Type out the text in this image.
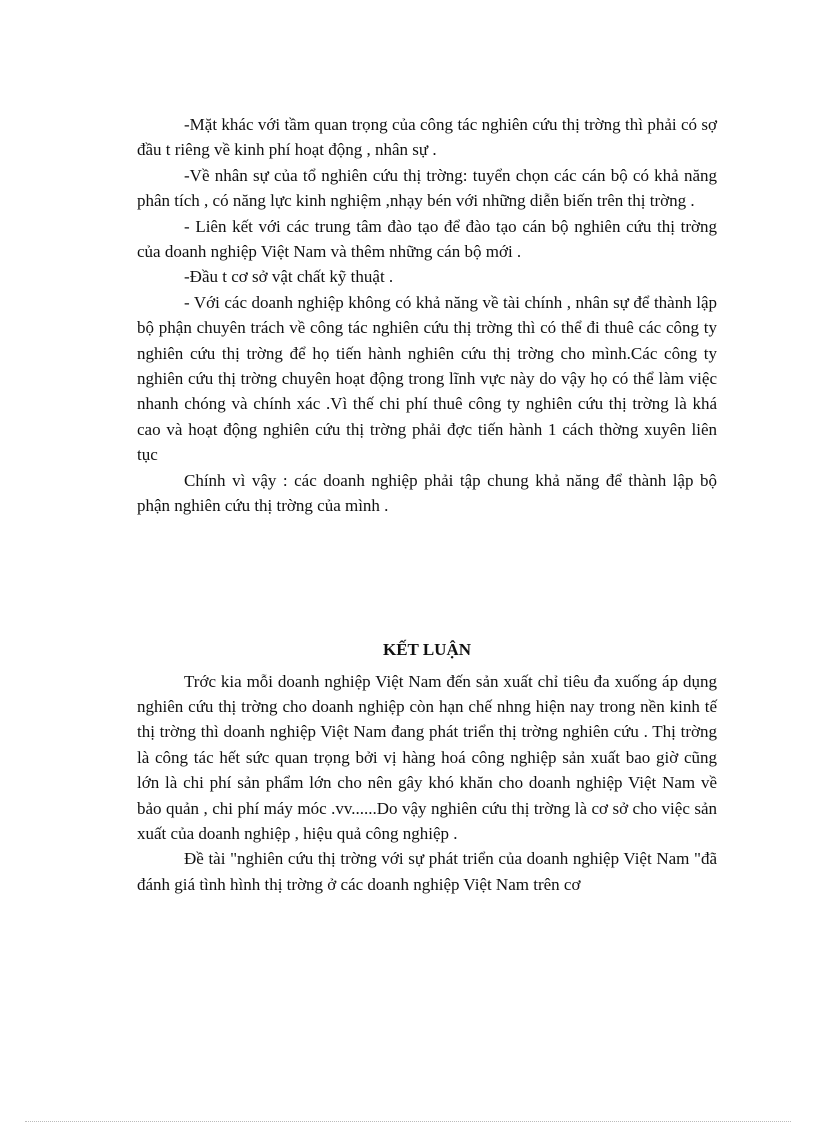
-Mặt khác với tầm quan trọng của công tác nghiên cứu thị trờng thì phải có sợ đầu t riêng về kinh phí hoạt động , nhân sự .

-Về nhân sự của tổ nghiên cứu thị trờng: tuyển chọn các cán bộ có khả năng phân tích , có năng lực kinh nghiệm ,nhạy bén với những diễn biến trên thị trờng .

- Liên kết với các trung tâm đào tạo để đào tạo cán bộ nghiên cứu thị trờng của doanh nghiệp Việt Nam và thêm những cán bộ mới .

-Đầu t cơ sở vật chất kỹ thuật .

- Với các doanh nghiệp không có khả năng về tài chính , nhân sự để thành lập bộ phận chuyên trách về công tác nghiên cứu thị trờng thì có thể đi thuê các công ty nghiên cứu thị trờng để họ tiến hành nghiên cứu thị trờng cho mình.Các công ty nghiên cứu thị trờng chuyên hoạt động trong lĩnh vực này do vậy họ có thể làm việc nhanh chóng và chính xác .Vì thế chi phí thuê công ty nghiên cứu thị trờng là khá cao và hoạt động nghiên cứu thị trờng phải đợc tiến hành 1 cách thờng xuyên liên tục

Chính vì vậy : các doanh nghiệp phải tập chung khả năng để thành lập bộ phận nghiên cứu thị trờng của mình .

KẾT LUẬN

Trớc kia mỗi doanh nghiệp Việt Nam đến sản xuất chỉ tiêu đa xuống áp dụng nghiên cứu thị trờng cho doanh nghiệp còn hạn chế nhng hiện nay trong nền kinh tế thị trờng thì doanh nghiệp Việt Nam đang phát triển thị trờng nghiên cứu . Thị trờng là công tác hết sức quan trọng bởi vị hàng hoá công nghiệp sản xuất bao giờ cũng lớn là chi phí sản phẩm lớn cho nên gây khó khăn cho doanh nghiệp Việt Nam về bảo quản , chi phí máy móc .vv......Do vậy nghiên cứu thị trờng là cơ sở cho việc sản xuất của doanh nghiệp , hiệu quả công nghiệp .

Đề tài "nghiên cứu thị trờng với sự phát triển của doanh nghiệp Việt Nam "đã đánh giá tình hình thị trờng ở các doanh nghiệp Việt Nam trên cơ
